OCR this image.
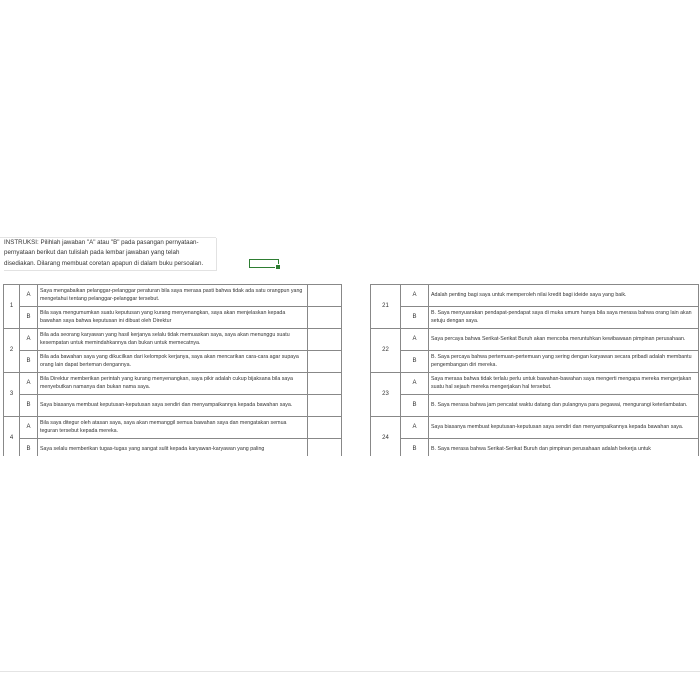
INSTRUKSI: Pilihlah jawaban "A" atau "B" pada pasangan pernyataan-

pernyataan berikut dan tulislah pada lembar jawaban yang telah

disediakan. Dilarang membuat coretan apapun di dalam buku persoalan.

1	A	Saya mengabaikan pelanggar-pelanggar peraturan bila saya merasa pasti bahwa tidak ada satu orangpun yang mengetahui tentang pelanggar-pelanggar tersebut.	
	B	Bila saya mengumumkan suatu keputusan yang kurang menyenangkan, saya akan menjelaskan kepada bawahan saya bahwa keputusan ini dibuat oleh Direktur	
2	A	Bila ada seorang karyawan yang hasil kerjanya selalu tidak memuaskan saya, saya akan menunggu suatu kesempatan untuk memindahkannya dan bukan untuk memecatnya.	
	B	Bila ada bawahan saya yang dikucilkan dari kelompok kerjanya, saya akan mencarikan cara-cara agar supaya orang lain dapat berteman dengannya.	
3	A	Bila Direktur memberikan perintah yang kurang menyenangkan, saya pikir adalah cukup bijaksana bila saya menyebutkan namanya dan bukan nama saya.	
	B	Saya biasanya membuat keputusan-keputusan saya sendiri dan menyampaikannya kepada bawahan saya.	
4	A	Bila saya ditegur oleh atasan saya, saya akan memanggil semua bawahan saya dan mengatakan semua teguran tersebut kepada mereka.	
	B	Saya selalu memberikan tugas-tugas yang sangat sulit kepada karyawan-karyawan yang paling	
21	A	Adalah penting bagi saya untuk memperoleh nilai kredit bagi ideide saya yang baik.
	B	B. Saya menyuarakan pendapat-pendapat saya di muka umum hanya bila saya merasa bahwa orang lain akan setuju dengan saya.
22	A	Saya percaya bahwa Serikat-Serikat Buruh akan mencoba meruntuhkan kewibawaan pimpinan perusahaan.
	B	B. Saya percaya bahwa pertemuan-pertemuan yang sering dengan karyawan secara pribadi adalah membantu pengembangan diri mereka.
23	A	Saya merasa bahwa tidak terlalu perlu untuk bawahan-bawahan saya mengerti mengapa mereka mengerjakan suatu hal sejauh mereka mengerjakan hal tersebut.
	B	B. Saya merasa bahwa jam pencatat waktu datang dan pulangnya para pegawai, mengurangi keterlambatan.
24	A	Saya biasanya membuat keputusan-keputusan saya sendiri dan menyampaikannya kepada bawahan saya.
	B	B. Saya merasa bahwa Serikat-Serikat Buruh dan pimpinan perusahaan adalah bekerja untuk
